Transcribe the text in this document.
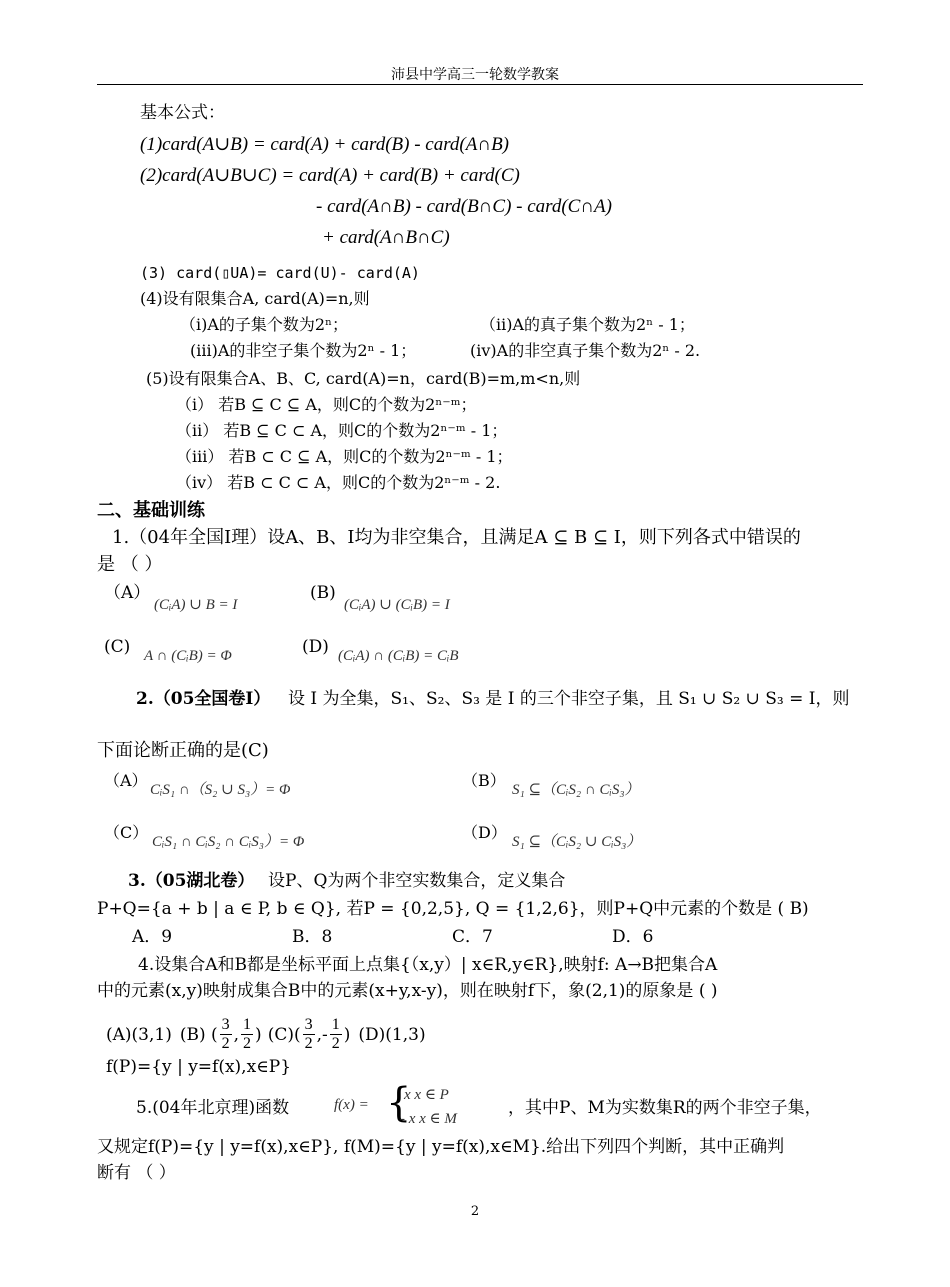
沛县中学高三一轮数学教案
基本公式：
(1)card(A∪B) = card(A) + card(B) - card(A∩B)
(2)card(A∪B∪C) = card(A) + card(B) + card(C)
- card(A∩B) - card(B∩C) - card(C∩A)
+ card(A∩B∩C)
(3) card(▯UA)= card(U)- card(A)
(4)设有限集合A, card(A)=n,则
（ⅰ)A的子集个数为2ⁿ；	（ⅱ)A的真子集个数为2ⁿ - 1；
(ⅲ)A的非空子集个数为2ⁿ - 1；	(ⅳ)A的非空真子集个数为2ⁿ - 2.
(5)设有限集合A、B、C, card(A)=n，card(B)=m,m<n,则
（ⅰ） 若B ⊆ C ⊆ A，则C的个数为2ⁿ⁻ᵐ；
（ⅱ） 若B ⊆ C ⊂ A，则C的个数为2ⁿ⁻ᵐ - 1；
（ⅲ） 若B ⊂ C ⊆ A，则C的个数为2ⁿ⁻ᵐ - 1；
（ⅳ） 若B ⊂ C ⊂ A，则C的个数为2ⁿ⁻ᵐ - 2.
二、基础训练
1.（04年全国Ⅰ理）设A、B、I均为非空集合，且满足A ⊆ B ⊆ I，则下列各式中错误的
是 （ ）
（A）
(CᵢA) ∪ B = I
(B)
(CᵢA) ∪ (CᵢB) = I
(C) A ∩ (CᵢB) = Φ	(D) (CᵢA) ∩ (CᵢB) = CᵢB
2.（05全国卷Ⅰ） 设 I 为全集，S₁、S₂、S₃ 是 I 的三个非空子集，且 S₁ ∪ S₂ ∪ S₃ = I，则
下面论断正确的是(C)
（A） CᵢS₁ ∩（S₂ ∪ S₃）= Φ	（B） S₁ ⊆（CᵢS₂ ∩ CᵢS₃）
（C） CᵢS₁ ∩ CᵢS₂ ∩ CᵢS₃）= Φ	（D） S₁ ⊆（CᵢS₂ ∪ CᵢS₃）
3.（05湖北卷） 设P、Q为两个非空实数集合，定义集合
P+Q={a + b | a ∈ P, b ∈ Q}, 若P = {0,2,5}, Q = {1,2,6}，则P+Q中元素的个数是 ( B)
A．9	B．8	C．7	D．6
4.设集合A和B都是坐标平面上点集{（x,y）| x∈R,y∈R},映射f: A→B把集合A
中的元素(x,y)映射成集合B中的元素(x+y,x-y)，则在映射f下，象(2,1)的原象是 ( )
(A)(3,1) (B) ( $\frac{3}{2}$ , $\frac{1}{2}$ ) $(C)( \frac{3}{2}$ ,- $\frac{1}{2}$ ) (D)(1,3)
f(P)={y | y=f(x),x∈P}
5.(04年北京理)函数	f(x) = {
x x ∈ P
- x x ∈ M
，其中P、M为实数集R的两个非空子集，
又规定f(P)={y | y=f(x),x∈P}, f(M)={y | y=f(x),x∈M}.给出下列四个判断，其中正确判
断有 （ ）
2
